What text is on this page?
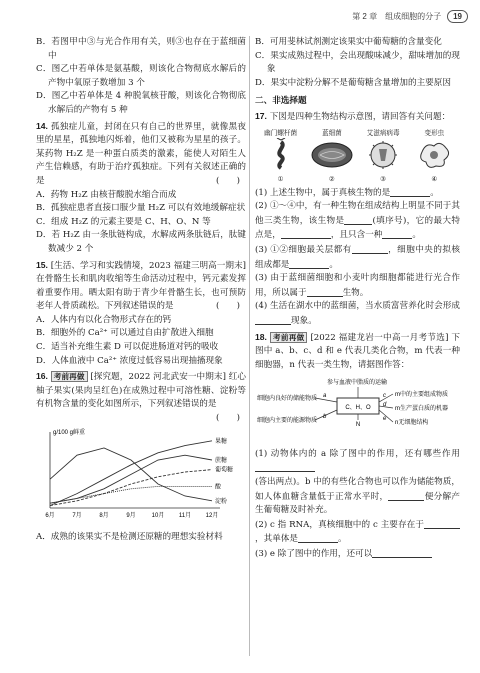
第 2 章　组成细胞的分子	19

B．若图甲中③与光合作用有关，则③也存在于蓝细菌中

C．图乙中若单体是氨基酸，则该化合物彻底水解后的产物中氧原子数增加 3 个

D．图乙中若单体是 4 种脱氧核苷酸，则该化合物彻底水解后的产物有 5 种

14. 孤独症儿童，封闭在只有自己的世界里，就像黑夜里的星星，孤独地闪烁着，他们又被称为星星的孩子。某药物 H₂Z 是一种蛋白质类的激素，能使人对陌生人产生信赖感，有助于治疗孤独症。下列有关叙述正确的是	(　　)

A．药物 H₂Z 由核苷酸脱水缩合而成

B．孤独症患者直接口服少量 H₂Z 可以有效地缓解症状

C．组成 H₂Z 的元素主要是 C、H、O、N 等

D．若 H₂Z 由一条肽链构成，水解成两条肽链后，肽键数减少 2 个

15. [生活、学习和实践情境，2023 福建三明高一期末] 在骨骼生长和肌肉收缩等生命活动过程中，钙元素发挥着重要作用。晒太阳有助于青少年骨骼生长，也可预防老年人骨质疏松。下列叙述错误的是	(　　)

A．人体内有以化合物形式存在的钙

B．细胞外的 Ca²⁺ 可以通过自由扩散进入细胞

C．适当补充维生素 D 可以促进肠道对钙的吸收

D．人体血液中 Ca²⁺ 浓度过低容易出现抽搐现象

16. 考前再做 [探究题，2022 河北武安一中期末] 红心柚子果实(果肉呈红色)在成熟过程中可溶性糖、淀粉等有机物含量的变化如图所示，下列叙述错误的是
(　　)

g/100 g鲜重
6月	7月	8月	9月	10月 11月 12月
果糖
蔗糖
葡萄糖
淀粉
酸

A．成熟的该果实不是检测还原糖的理想实验材料

B．可用斐林试剂测定该果实中葡萄糖的含量变化

C．果实成熟过程中，会出现酸味减少，甜味增加的现象

D．果实中淀粉分解不是葡萄糖含量增加的主要原因

二、非选择题

17. 下図是四种生物结构示意图，请回答有关问题：

幽门螺杆菌
①
蓝细菌
②
艾滋病病毒
③
变形虫
④

(1) 上述生物中，属于真核生物的是	。

(2) ①～④中，有一种生物在组成结构上明显不同于其他三类生物，该生物是	(填序号)，它的最大特点是，	，且只含一种	。

(3) ①②细胞最关层都有	，细胞中央的拟核组成都是	。

(3) 由于蓝细菌细胞和小麦叶肉细胞都能进行光合作用，所以属于	生物。

(4) 生活在湖水中的蓝细菌，当水质富营养化时会形成现象。

18. 考前再做 [2022 福建龙岩一中高一月考节选] 下图中 a、b、c、d 和 e 代表几类化合物，m 代表一种细胞器，n 代表一类生物，请据图作答：

参与血液中脂质的运输
细胞内良好的储能物质
细胞内主要的能源物质
C、H、O
N
m中的主要组成物质
m生产蛋白质的机器
n无细胞结构
a
b
c
d
e

(1) 动物体内的 a 除了图中的作用，还有哪些作用

(答出两点)。b 中的有些化合物也可以作为储能物质，如人体血糖含量低于正常水平时，	便分解产生葡萄糖及时补充。

(2) c 指 RNA，真核细胞中的 c 主要存在于，其单体是	。

(3) e 除了图中的作用，还可以
